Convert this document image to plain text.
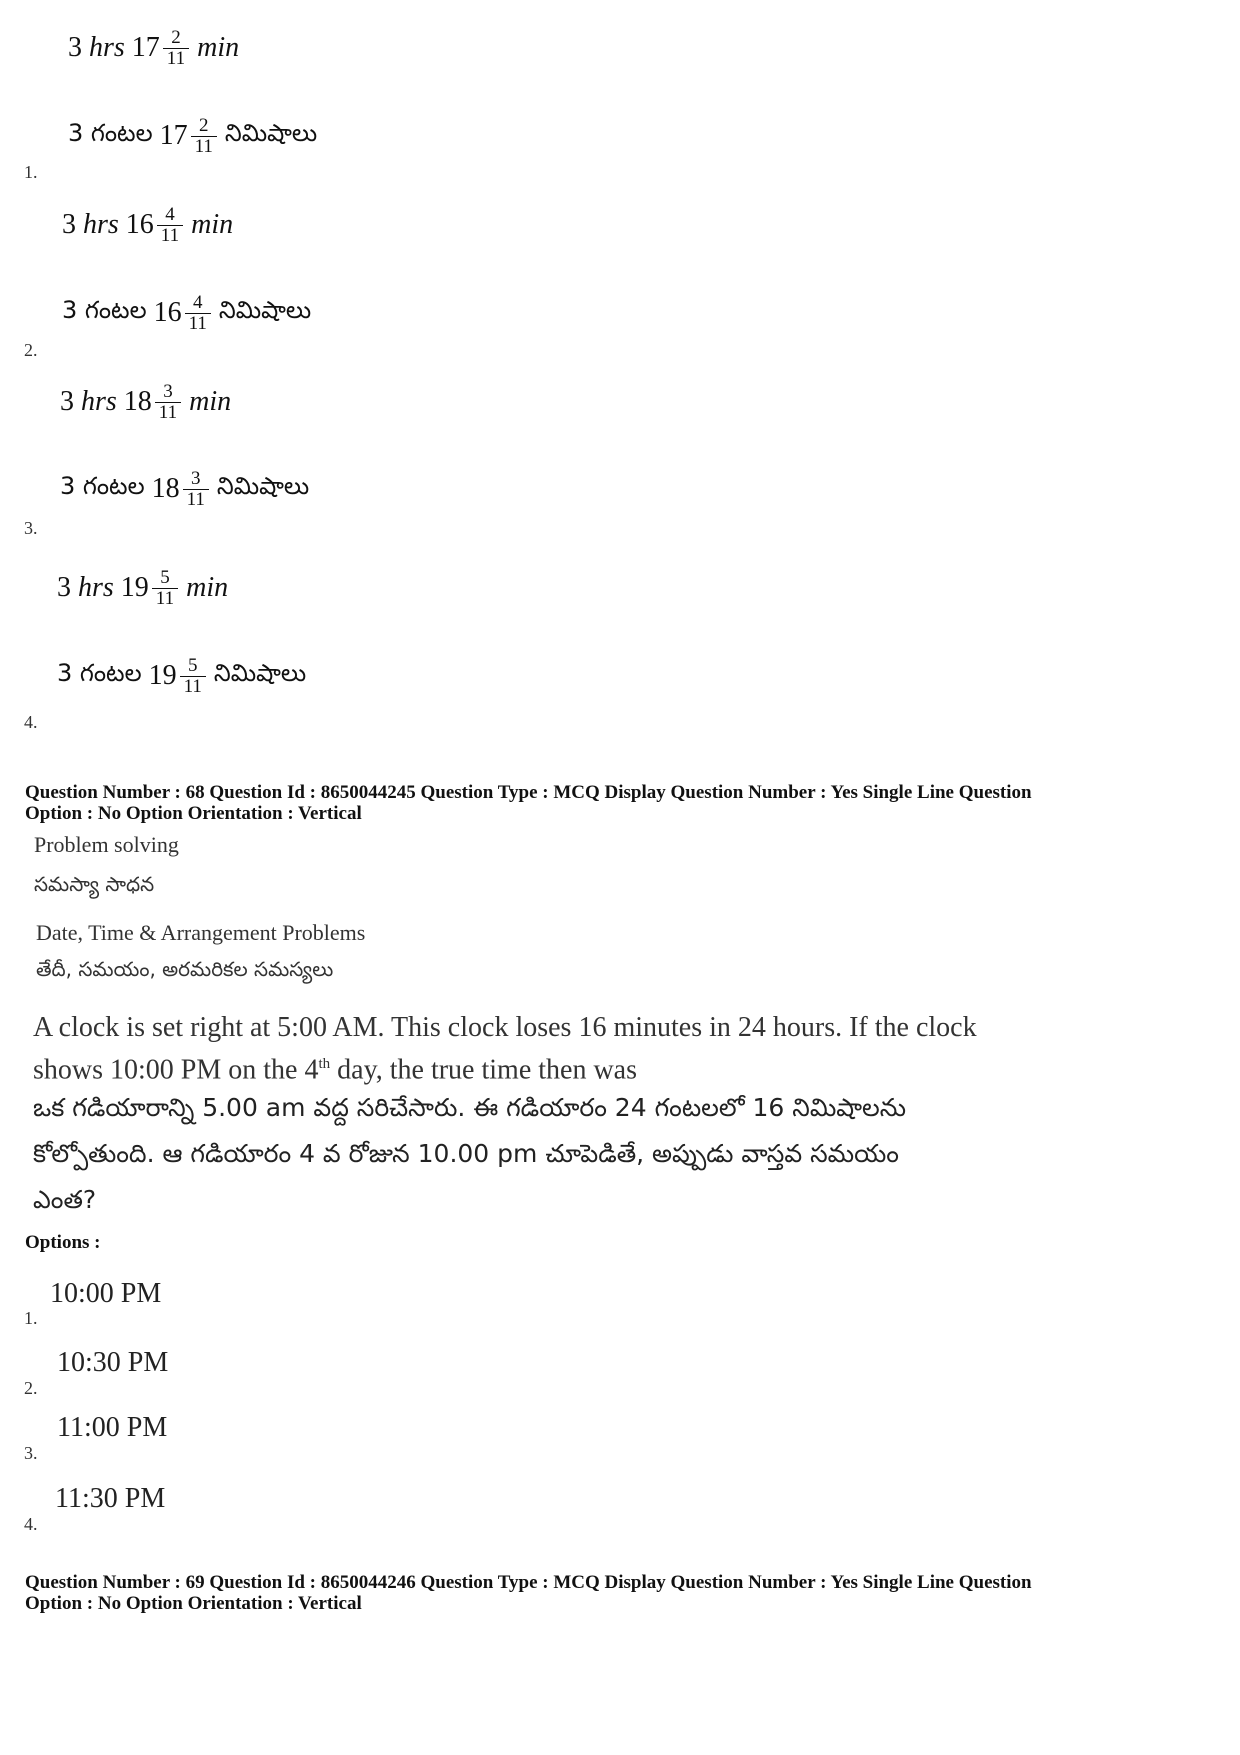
3
hrs
$17 \frac{2}{11}$ min
3 గంటల
$17 \frac{2}{11}$ నిమిషాలు
1.
3
hrs
$16 \frac{4}{11}$ min
3 గంటల
$16 \frac{4}{11}$ నిమిషాలు
2.
3
hrs
$18 \frac{3}{11}$ min
3 గంటల
$18 \frac{3}{11}$ నిమిషాలు
3.
3
hrs
$19 \frac{5}{11}$ min
3 గంటల
$19 \frac{5}{11}$ నిమిషాలు
4.
Question Number : 68 Question Id : 8650044245 Question Type : MCQ Display Question Number : Yes Single Line Question
Option : No Option Orientation : Vertical
Problem solving
సమస్యా సాధన
Date, Time & Arrangement Problems
తేదీ, సమయం, అరమరికల సమస్యలు
A clock is set right at 5:00 AM. This clock loses 16 minutes in 24 hours. If the clock
shows 10:00 PM on the 4th day, the true time then was
ఒక గడియారాన్ని 5.00 am వద్ద సరిచేసారు. ఈ గడియారం 24 గంటలలో 16 నిమిషాలను
కోల్పోతుంది. ఆ గడియారం 4 వ రోజున 10.00 pm చూపెడితే, అప్పుడు వాస్తవ సమయం
ఎంత?
Options :
1.
10:00 PM
2.
10:30 PM
3.
11:00 PM
4.
11:30 PM
Question Number : 69 Question Id : 8650044246 Question Type : MCQ Display Question Number : Yes Single Line Question
Option : No Option Orientation : Vertical
